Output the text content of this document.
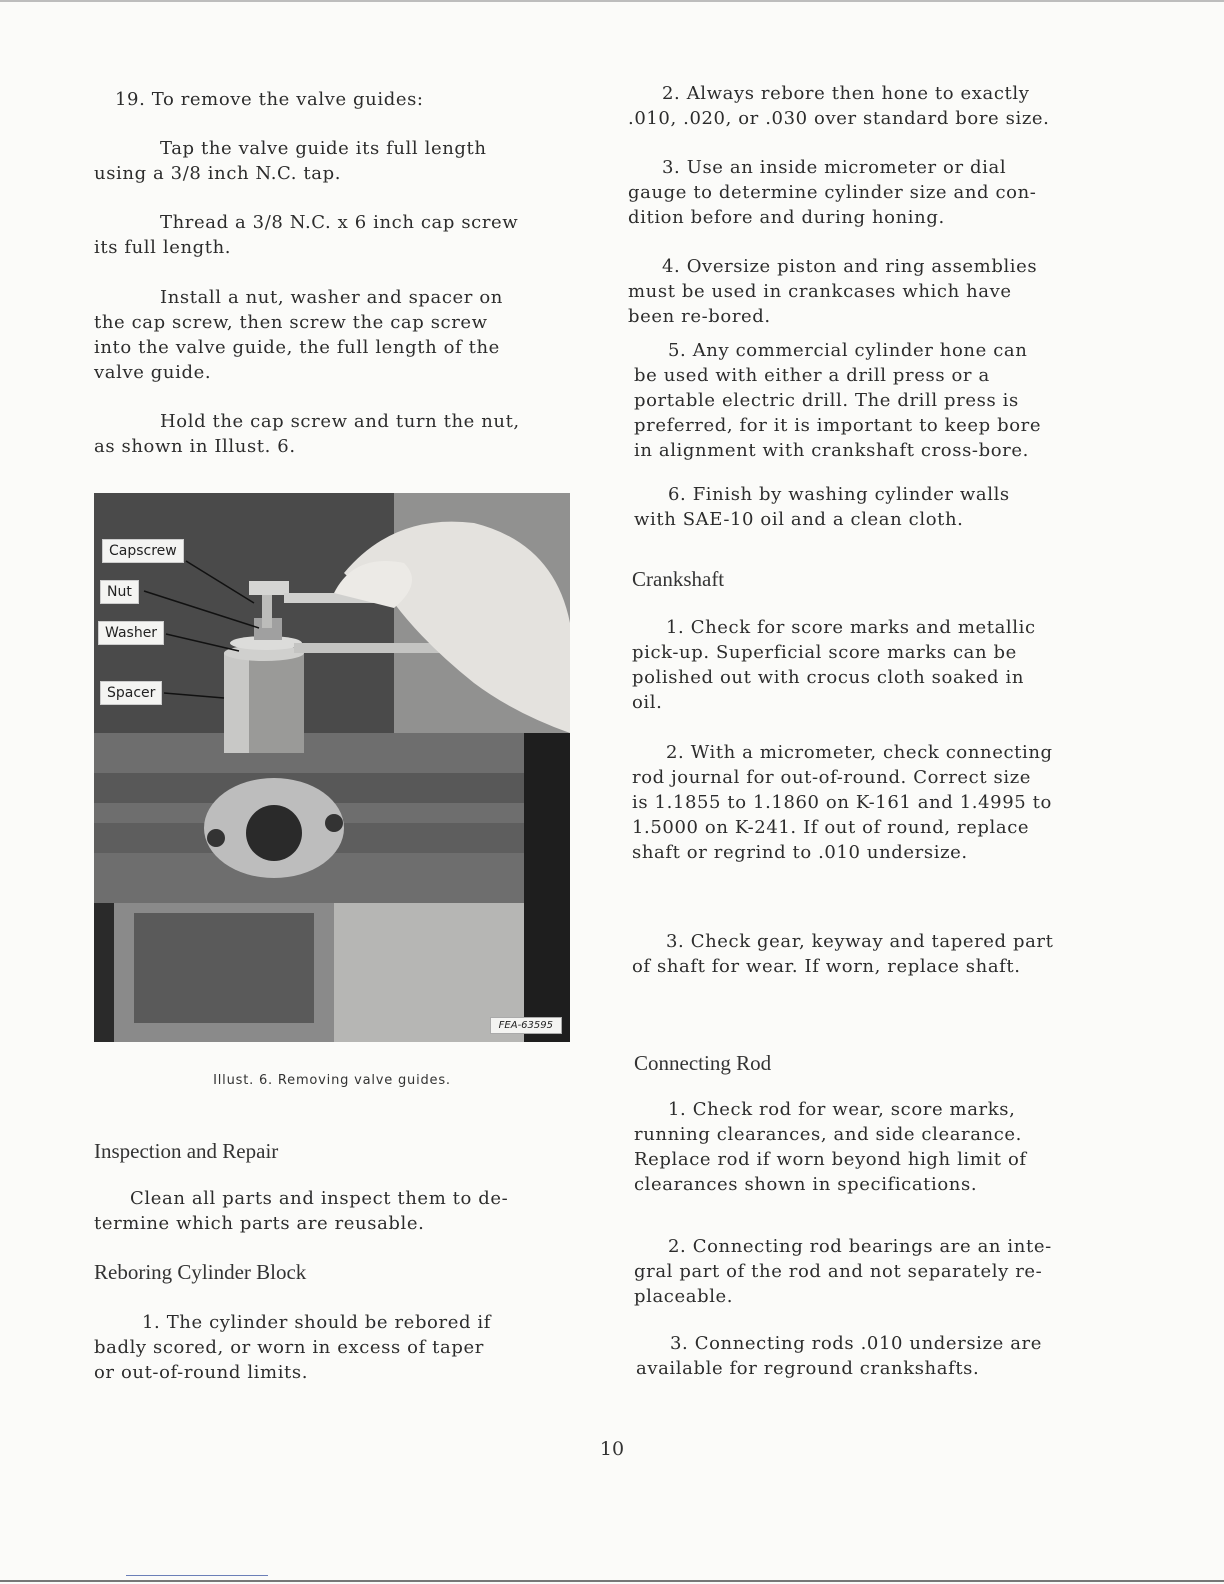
19. To remove the valve guides:

Tap the valve guide its full length
using a 3/8 inch N.C. tap.

Thread a 3/8 N.C. x 6 inch cap screw
its full length.

Install a nut, washer and spacer on
the cap screw, then screw the cap screw
into the valve guide, the full length of the
valve guide.

Hold the cap screw and turn the nut,
as shown in Illust. 6.

Capscrew
Nut
Washer
Spacer
FEA-63595
Illust. 6. Removing valve guides.
Inspection and Repair

Clean all parts and inspect them to de-
termine which parts are reusable.

Reboring Cylinder Block

1. The cylinder should be rebored if
badly scored, or worn in excess of taper
or out-of-round limits.

2. Always rebore then hone to exactly
.010, .020, or .030 over standard bore size.

3. Use an inside micrometer or dial
gauge to determine cylinder size and con-
dition before and during honing.

4. Oversize piston and ring assemblies
must be used in crankcases which have
been re-bored.

5. Any commercial cylinder hone can
be used with either a drill press or a
portable electric drill. The drill press is
preferred, for it is important to keep bore
in alignment with crankshaft cross-bore.

6. Finish by washing cylinder walls
with SAE-10 oil and a clean cloth.

Crankshaft

1. Check for score marks and metallic
pick-up. Superficial score marks can be
polished out with crocus cloth soaked in
oil.

2. With a micrometer, check connecting
rod journal for out-of-round. Correct size
is 1.1855 to 1.1860 on K-161 and 1.4995 to
1.5000 on K-241. If out of round, replace
shaft or regrind to .010 undersize.

3. Check gear, keyway and tapered part
of shaft for wear. If worn, replace shaft.

Connecting Rod

1. Check rod for wear, score marks,
running clearances, and side clearance.
Replace rod if worn beyond high limit of
clearances shown in specifications.

2. Connecting rod bearings are an inte-
gral part of the rod and not separately re-
placeable.

3. Connecting rods .010 undersize are
available for reground crankshafts.

10
